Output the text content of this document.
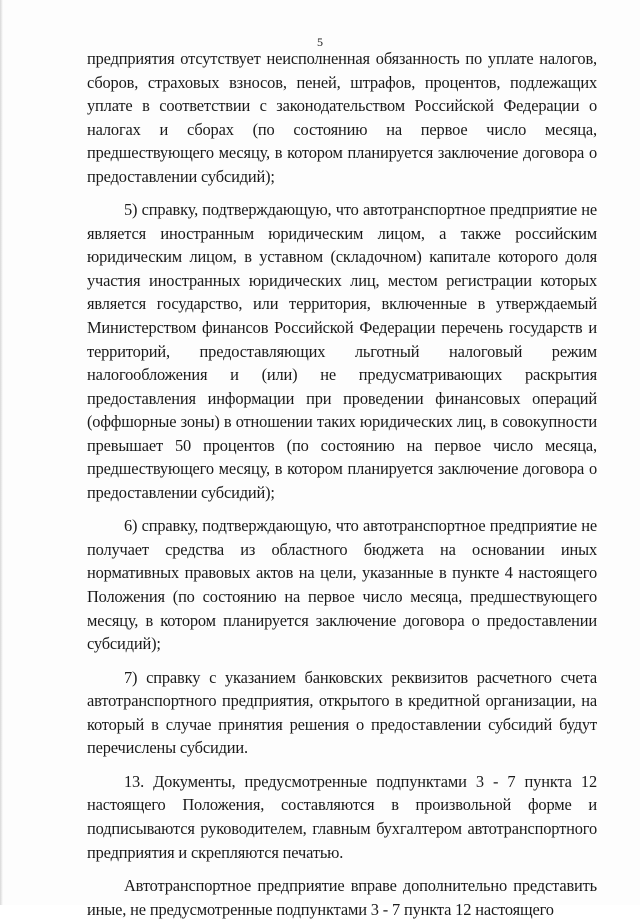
5

предприятия отсутствует неисполненная обязанность по уплате налогов, сборов, страховых взносов, пеней, штрафов, процентов, подлежащих уплате в соответствии с законодательством Российской Федерации о налогах и сборах (по состоянию на первое число месяца, предшествующего месяцу, в котором планируется заключение договора о предоставлении субсидий);

5) справку, подтверждающую, что автотранспортное предприятие не является иностранным юридическим лицом, а также российским юридическим лицом, в уставном (складочном) капитале которого доля участия иностранных юридических лиц, местом регистрации которых является государство, или территория, включенные в утверждаемый Министерством финансов Российской Федерации перечень государств и территорий, предоставляющих льготный налоговый режим налогообложения и (или) не предусматривающих раскрытия предоставления информации при проведении финансовых операций (оффшорные зоны) в отношении таких юридических лиц, в совокупности превышает 50 процентов (по состоянию на первое число месяца, предшествующего месяцу, в котором планируется заключение договора о предоставлении субсидий);

6) справку, подтверждающую, что автотранспортное предприятие не получает средства из областного бюджета на основании иных нормативных правовых актов на цели, указанные в пункте 4 настоящего Положения (по состоянию на первое число месяца, предшествующего месяцу, в котором планируется заключение договора о предоставлении субсидий);

7) справку с указанием банковских реквизитов расчетного счета автотранспортного предприятия, открытого в кредитной организации, на который в случае принятия решения о предоставлении субсидий будут перечислены субсидии.

13. Документы, предусмотренные подпунктами 3 - 7 пункта 12 настоящего Положения, составляются в произвольной форме и подписываются руководителем, главным бухгалтером автотранспортного предприятия и скрепляются печатью.

Автотранспортное предприятие вправе дополнительно представить иные, не предусмотренные подпунктами 3 - 7 пункта 12 настоящего
